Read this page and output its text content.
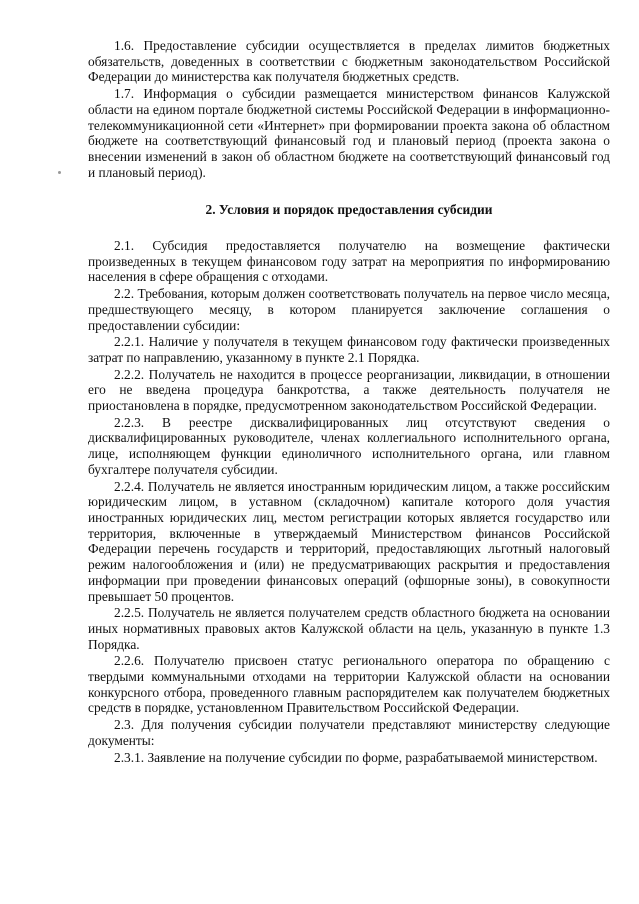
1.6. Предоставление субсидии осуществляется в пределах лимитов бюджетных обязательств, доведенных в соответствии с бюджетным законодательством Российской Федерации до министерства как получателя бюджетных средств.

1.7. Информация о субсидии размещается министерством финансов Калужской области на едином портале бюджетной системы Российской Федерации в информационно-телекоммуникационной сети «Интернет» при формировании проекта закона об областном бюджете на соответствующий финансовый год и плановый период (проекта закона о внесении изменений в закон об областном бюджете на соответствующий финансовый год и плановый период).

2. Условия и порядок предоставления субсидии

2.1. Субсидия предоставляется получателю на возмещение фактически произведенных в текущем финансовом году затрат на мероприятия по информированию населения в сфере обращения с отходами.

2.2. Требования, которым должен соответствовать получатель на первое число месяца, предшествующего месяцу, в котором планируется заключение соглашения о предоставлении субсидии:

2.2.1. Наличие у получателя в текущем финансовом году фактически произведенных затрат по направлению, указанному в пункте 2.1 Порядка.

2.2.2. Получатель не находится в процессе реорганизации, ликвидации, в отношении его не введена процедура банкротства, а также деятельность получателя не приостановлена в порядке, предусмотренном законодательством Российской Федерации.

2.2.3. В реестре дисквалифицированных лиц отсутствуют сведения о дисквалифицированных руководителе, членах коллегиального исполнительного органа, лице, исполняющем функции единоличного исполнительного органа, или главном бухгалтере получателя субсидии.

2.2.4. Получатель не является иностранным юридическим лицом, а также российским юридическим лицом, в уставном (складочном) капитале которого доля участия иностранных юридических лиц, местом регистрации которых является государство или территория, включенные в утверждаемый Министерством финансов Российской Федерации перечень государств и территорий, предоставляющих льготный налоговый режим налогообложения и (или) не предусматривающих раскрытия и предоставления информации при проведении финансовых операций (офшорные зоны), в совокупности превышает 50 процентов.

2.2.5. Получатель не является получателем средств областного бюджета на основании иных нормативных правовых актов Калужской области на цель, указанную в пункте 1.3 Порядка.

2.2.6. Получателю присвоен статус регионального оператора по обращению с твердыми коммунальными отходами на территории Калужской области на основании конкурсного отбора, проведенного главным распорядителем как получателем бюджетных средств в порядке, установленном Правительством Российской Федерации.

2.3. Для получения субсидии получатели представляют министерству следующие документы:

2.3.1. Заявление на получение субсидии по форме, разрабатываемой министерством.
